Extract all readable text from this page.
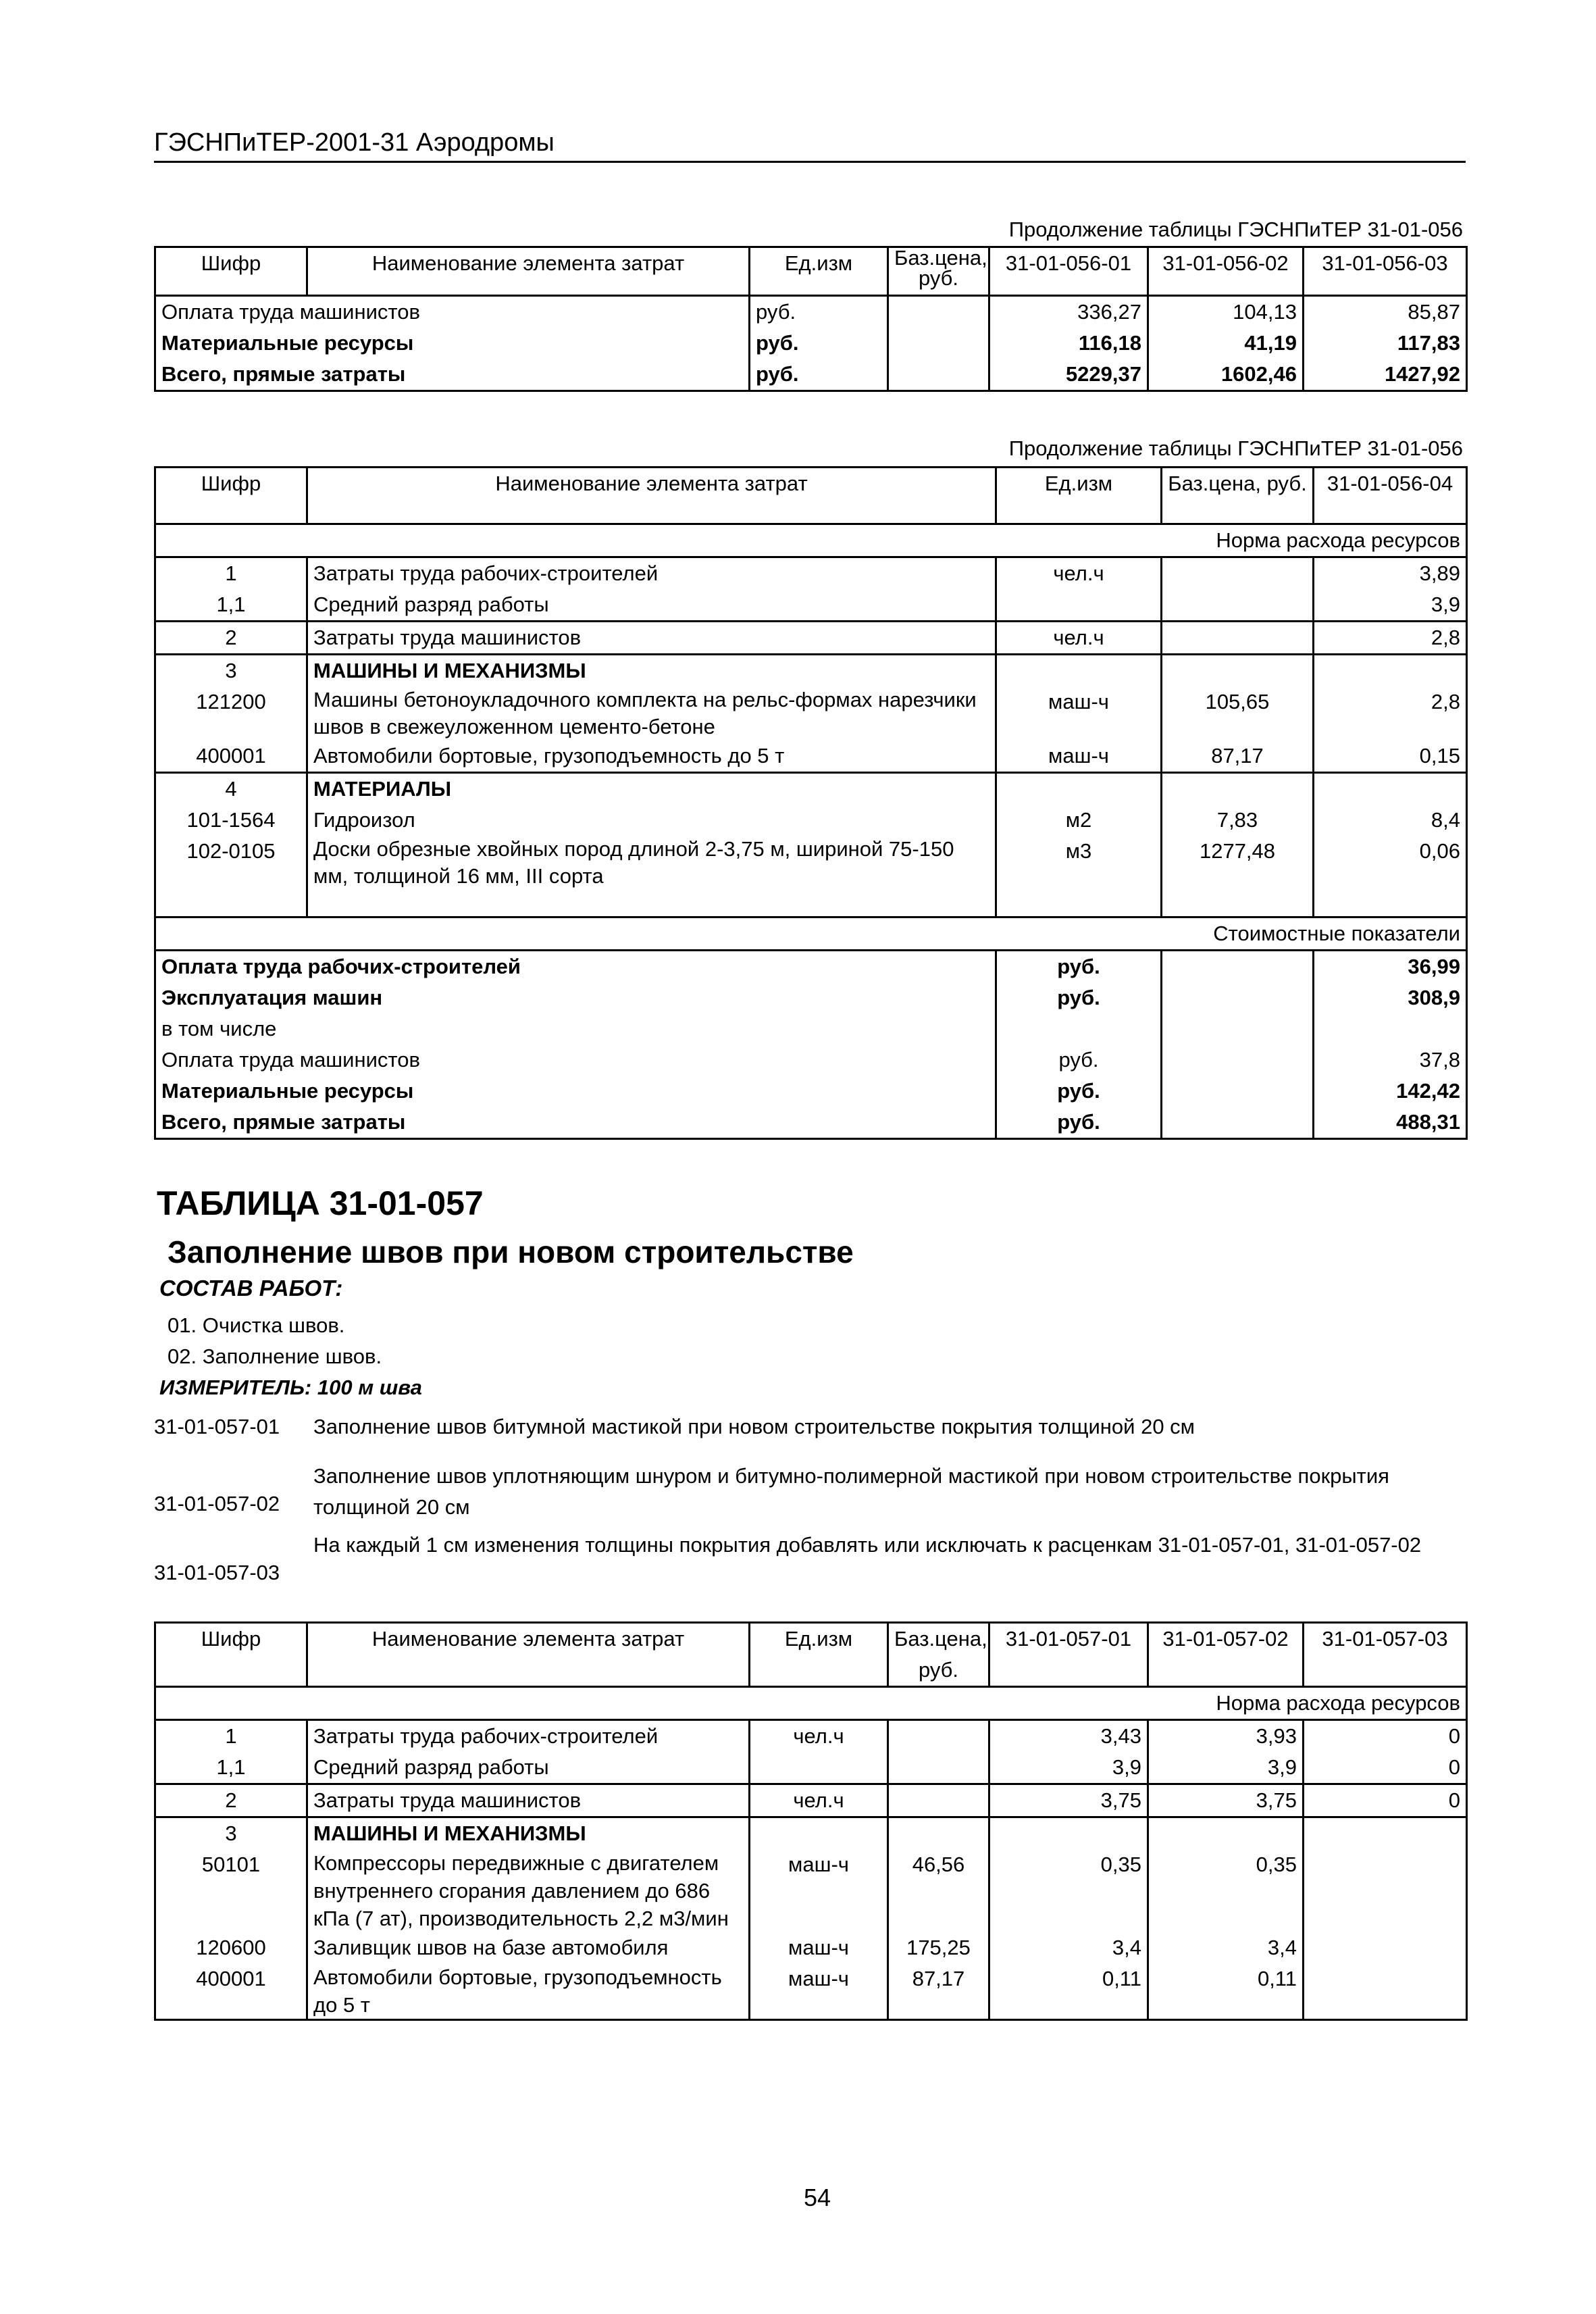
ГЭСНПиТЕР-2001-31 Аэродромы
Продолжение таблицы ГЭСНПиТЕР 31-01-056
Шифр	Наименование элемента затрат	Ед.изм	Баз.цена, руб.	31-01-056-01	31-01-056-02	31-01-056-03
Оплата труда машинистов		руб.		336,27	104,13	85,87
Материальные ресурсы		руб.		116,18	41,19	117,83
Всего, прямые затраты		руб.		5229,37	1602,46	1427,92
Продолжение таблицы ГЭСНПиТЕР 31-01-056
Шифр	Наименование элемента затрат	Ед.изм	Баз.цена, руб.	31-01-056-04
Норма расхода ресурсов				
1	Затраты труда рабочих-строителей	чел.ч		3,89
1,1	Средний разряд работы			3,9
2	Затраты труда машинистов	чел.ч		2,8
3	МАШИНЫ И МЕХАНИЗМЫ			
121200	Машины бетоноукладочного комплекта на рельс-формах нарезчики швов в свежеуложенном цементо-бетоне	маш-ч	105,65	2,8
400001	Автомобили бортовые, грузоподъемность до 5 т	маш-ч	87,17	0,15
4	МАТЕРИАЛЫ			
101-1564	Гидроизол	м2	7,83	8,4
102-0105	Доски обрезные хвойных пород длиной 2-3,75 м, шириной 75-150 мм, толщиной 16 мм, III сорта	м3	1277,48	0,06

Стоимостные показатели				
Оплата труда рабочих-строителей		руб.		36,99
Эксплуатация машин		руб.		308,9
в том числе				
Оплата труда машинистов		руб.		37,8
Материальные ресурсы		руб.		142,42
Всего, прямые затраты		руб.		488,31
ТАБЛИЦА 31-01-057
Заполнение швов при новом строительстве
СОСТАВ РАБОТ:
01. Очистка швов.
02. Заполнение швов.
ИЗМЕРИТЕЛЬ: 100 м шва
31-01-057-01 Заполнение швов битумной мастикой при новом строительстве покрытия толщиной 20 см
31-01-057-02
Заполнение швов уплотняющим шнуром и битумно-полимерной мастикой при новом строительстве покрытия толщиной 20 см
31-01-057-03
На каждый 1 см изменения толщины покрытия добавлять или исключать к расценкам 31-01-057-01, 31-01-057-02
Шифр	Наименование элемента затрат	Ед.изм	Баз.цена, руб.	31-01-057-01	31-01-057-02	31-01-057-03
Норма расхода ресурсов						
1	Затраты труда рабочих-строителей	чел.ч		3,43	3,93	0
1,1	Средний разряд работы			3,9	3,9	0
2	Затраты труда машинистов	чел.ч		3,75	3,75	0
3	МАШИНЫ И МЕХАНИЗМЫ					
50101	Компрессоры передвижные с двигателем внутреннего сгорания давлением до 686 кПа (7 ат), производительность 2,2 м3/мин	маш-ч	46,56	0,35	0,35	
120600	Заливщик швов на базе автомобиля	маш-ч	175,25	3,4	3,4	
400001	Автомобили бортовые, грузоподъемность до 5 т	маш-ч	87,17	0,11	0,11	
54
